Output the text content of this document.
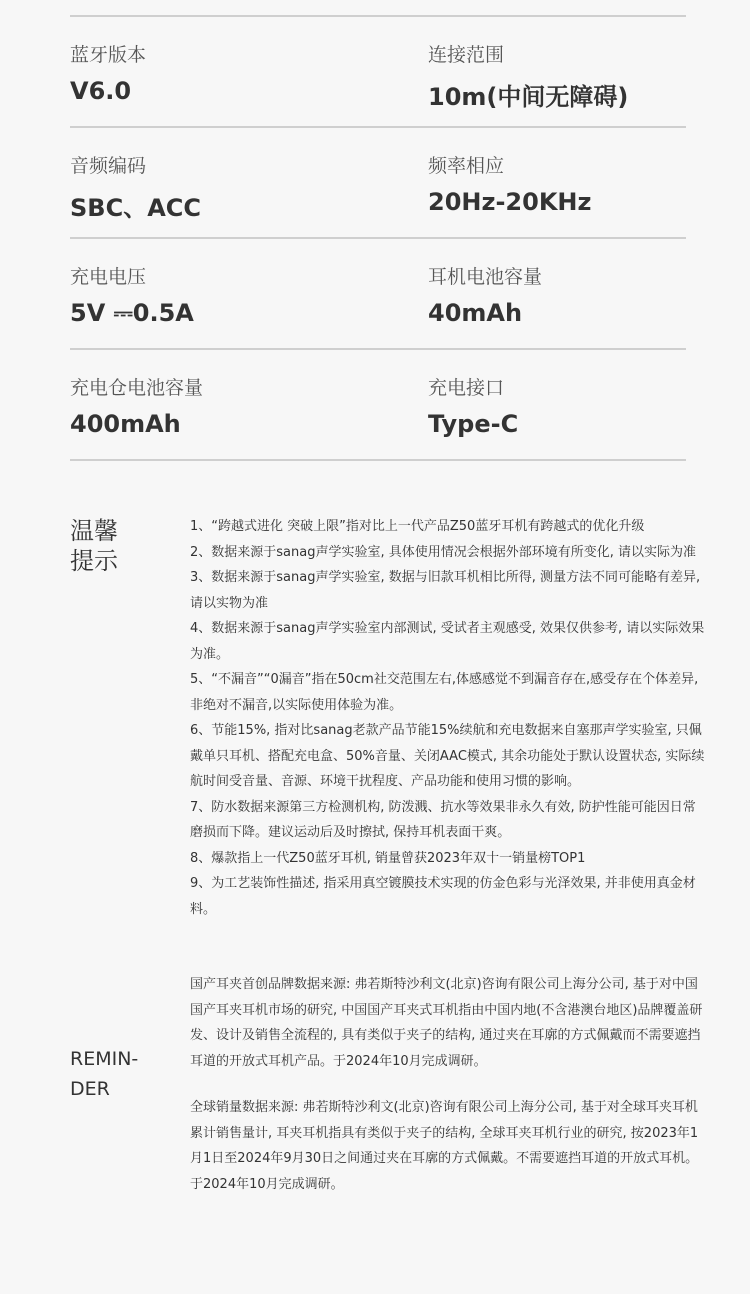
蓝牙版本
V6.0
连接范围
10m(中间无障碍)
音频编码
SBC、ACC
频率相应
20Hz-20KHz
充电电压
5V ⎓0.5A
耳机电池容量
40mAh
充电仓电池容量
400mAh
充电接口
Type-C
温馨
提示

1、“跨越式进化 突破上限”指对比上一代产品Z50蓝牙耳机有跨越式的优化升级

2、数据来源于sanag声学实验室, 具体使用情况会根据外部环境有所变化, 请以实际为准

3、数据来源于sanag声学实验室, 数据与旧款耳机相比所得, 测量方法不同可能略有差异, 请以实物为准

4、数据来源于sanag声学实验室内部测试, 受试者主观感受, 效果仅供参考, 请以实际效果为准。

5、“不漏音”“0漏音”指在50cm社交范围左右,体感感觉不到漏音存在,感受存在个体差异,非绝对不漏音,以实际使用体验为准。

6、节能15%, 指对比sanag老款产品节能15%续航和充电数据来自塞那声学实验室, 只佩戴单只耳机、搭配充电盒、50%音量、关闭AAC模式, 其余功能处于默认设置状态, 实际续航时间受音量、音源、环境干扰程度、产品功能和使用习惯的影响。

7、防水数据来源第三方检测机构, 防泼溅、抗水等效果非永久有效, 防护性能可能因日常磨损而下降。建议运动后及时擦拭, 保持耳机表面干爽。

8、爆款指上一代Z50蓝牙耳机, 销量曾获2023年双十一销量榜TOP1

9、为工艺装饰性描述, 指采用真空镀膜技术实现的仿金色彩与光泽效果, 并非使用真金材料。

REMIN-
DER

国产耳夹首创品牌数据来源: 弗若斯特沙利文(北京)咨询有限公司上海分公司, 基于对中国国产耳夹耳机市场的研究, 中国国产耳夹式耳机指由中国内地(不含港澳台地区)品牌覆盖研发、设计及销售全流程的, 具有类似于夹子的结构, 通过夹在耳廓的方式佩戴而不需要遮挡耳道的开放式耳机产品。于2024年10月完成调研。

全球销量数据来源: 弗若斯特沙利文(北京)咨询有限公司上海分公司, 基于对全球耳夹耳机累计销售量计, 耳夹耳机指具有类似于夹子的结构, 全球耳夹耳机行业的研究, 按2023年1月1日至2024年9月30日之间通过夹在耳廓的方式佩戴。不需要遮挡耳道的开放式耳机。于2024年10月完成调研。
